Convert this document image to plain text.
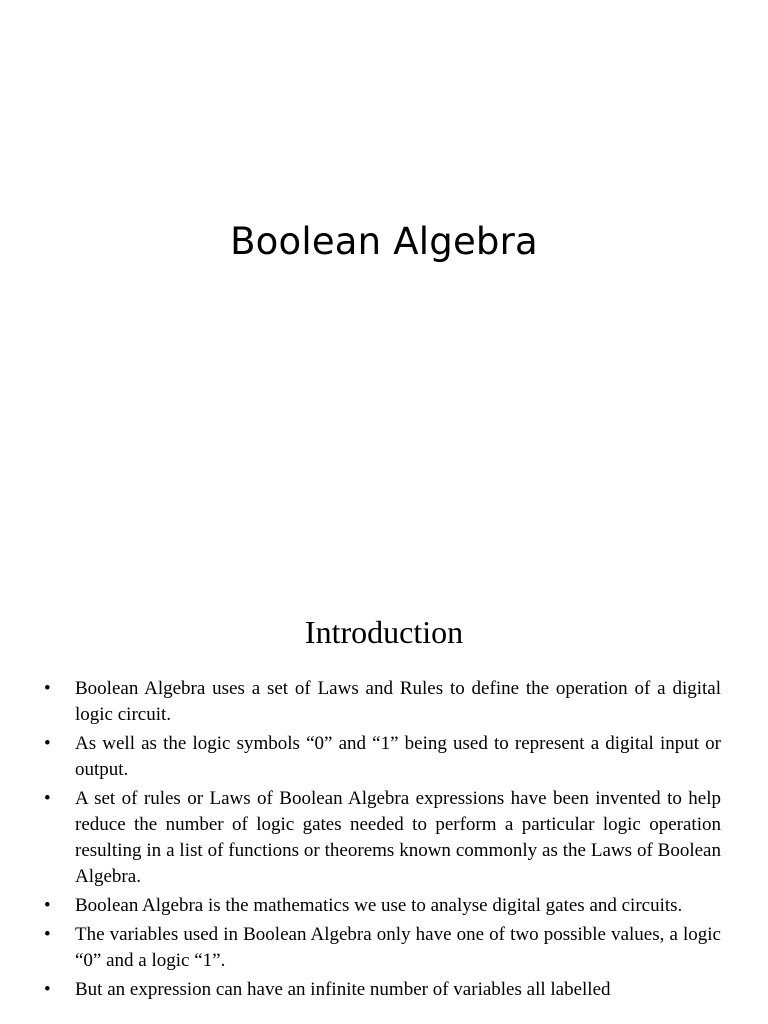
Boolean Algebra
Introduction
• Boolean Algebra uses a set of Laws and Rules to define the operation of a digital logic circuit.
• As well as the logic symbols “0” and “1” being used to represent a digital input or output.
• A set of rules or Laws of Boolean Algebra expressions have been invented to help reduce the number of logic gates needed to perform a particular logic operation resulting in a list of functions or theorems known commonly as the Laws of Boolean Algebra.
• Boolean Algebra is the mathematics we use to analyse digital gates and circuits.
• The variables used in Boolean Algebra only have one of two possible values, a logic “0” and a logic “1”.
• But an expression can have an infinite number of variables all labelled
